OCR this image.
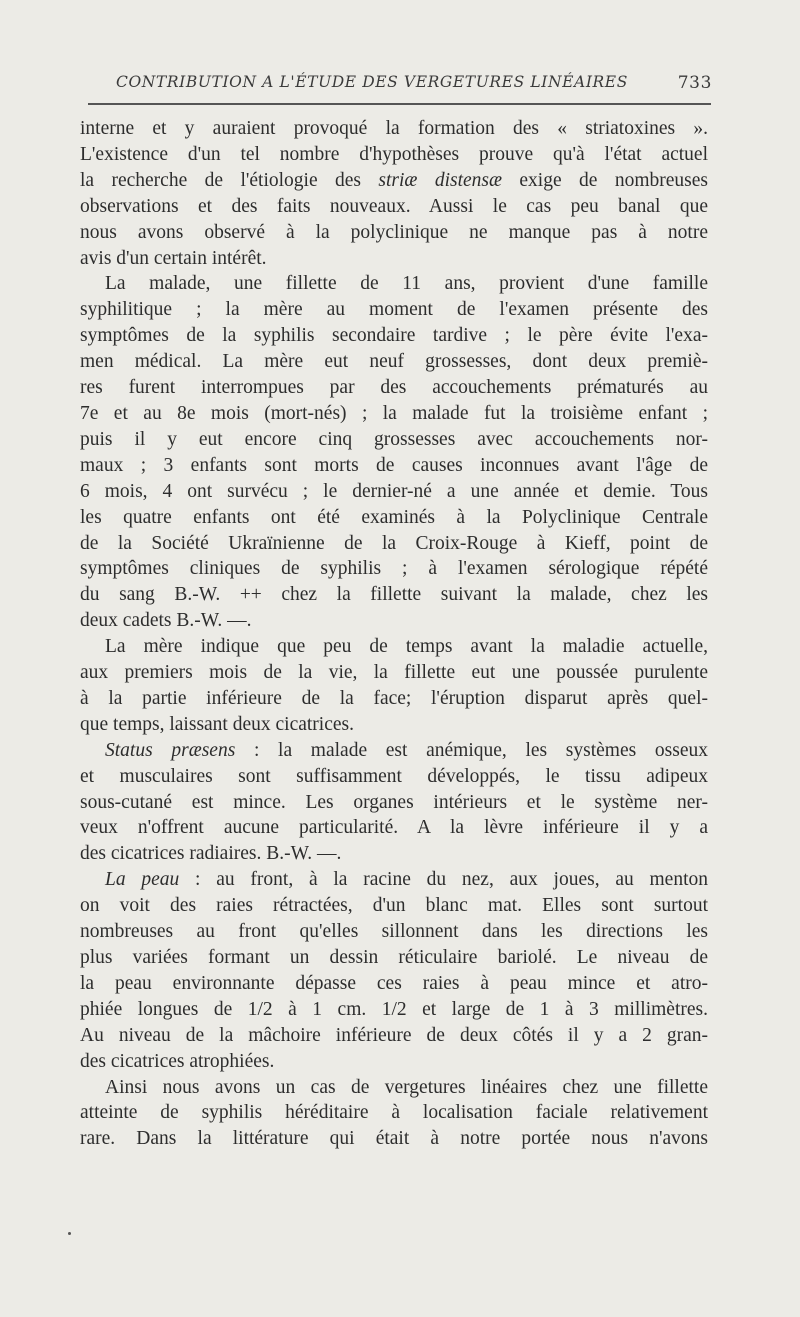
CONTRIBUTION A L'ÉTUDE DES VERGETURES LINÉAIRES	733
interne et y auraient provoqué la formation des « striatoxines ».
L'existence d'un tel nombre d'hypothèses prouve qu'à l'état actuel
la recherche de l'étiologie des striæ distensæ exige de nombreuses
observations et des faits nouveaux. Aussi le cas peu banal que
nous avons observé à la polyclinique ne manque pas à notre
avis d'un certain intérêt.
La malade, une fillette de 11 ans, provient d'une famille
syphilitique ; la mère au moment de l'examen présente des
symptômes de la syphilis secondaire tardive ; le père évite l'exa-
men médical. La mère eut neuf grossesses, dont deux premiè-
res furent interrompues par des accouchements prématurés au
7e et au 8e mois (mort-nés) ; la malade fut la troisième enfant ;
puis il y eut encore cinq grossesses avec accouchements nor-
maux ; 3 enfants sont morts de causes inconnues avant l'âge de
6 mois, 4 ont survécu ; le dernier-né a une année et demie. Tous
les quatre enfants ont été examinés à la Polyclinique Centrale
de la Société Ukraïnienne de la Croix-Rouge à Kieff, point de
symptômes cliniques de syphilis ; à l'examen sérologique répété
du sang B.-W. ++ chez la fillette suivant la malade, chez les
deux cadets B.-W. —.
La mère indique que peu de temps avant la maladie actuelle,
aux premiers mois de la vie, la fillette eut une poussée purulente
à la partie inférieure de la face; l'éruption disparut après quel-
que temps, laissant deux cicatrices.
Status præsens : la malade est anémique, les systèmes osseux
et musculaires sont suffisamment développés, le tissu adipeux
sous-cutané est mince. Les organes intérieurs et le système ner-
veux n'offrent aucune particularité. A la lèvre inférieure il y a
des cicatrices radiaires. B.-W. —.
La peau : au front, à la racine du nez, aux joues, au menton
on voit des raies rétractées, d'un blanc mat. Elles sont surtout
nombreuses au front qu'elles sillonnent dans les directions les
plus variées formant un dessin réticulaire bariolé. Le niveau de
la peau environnante dépasse ces raies à peau mince et atro-
phiée longues de 1/2 à 1 cm. 1/2 et large de 1 à 3 millimètres.
Au niveau de la mâchoire inférieure de deux côtés il y a 2 gran-
des cicatrices atrophiées.
Ainsi nous avons un cas de vergetures linéaires chez une fillette
atteinte de syphilis héréditaire à localisation faciale relativement
rare. Dans la littérature qui était à notre portée nous n'avons
